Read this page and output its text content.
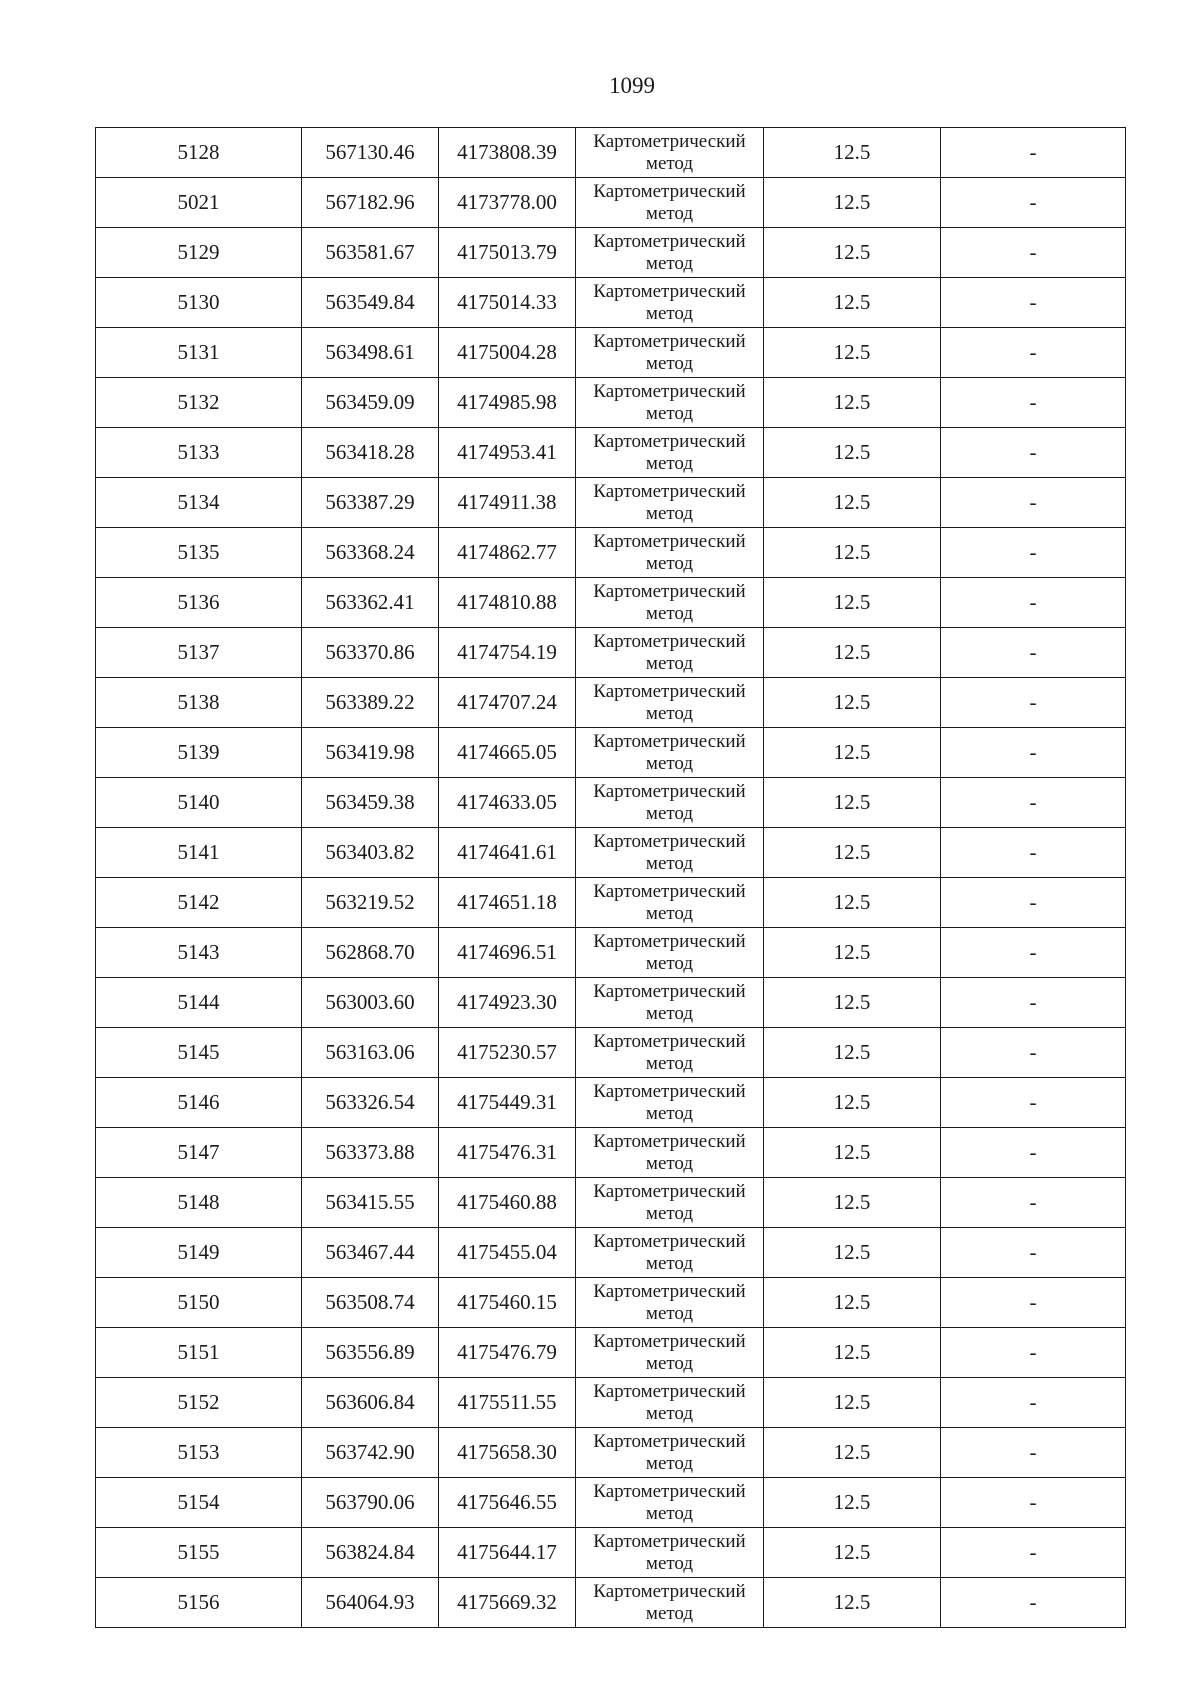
1099
5128	567130.46	4173808.39	Картометрический
метод	12.5	-
5021	567182.96	4173778.00	Картометрический
метод	12.5	-
5129	563581.67	4175013.79	Картометрический
метод	12.5	-
5130	563549.84	4175014.33	Картометрический
метод	12.5	-
5131	563498.61	4175004.28	Картометрический
метод	12.5	-
5132	563459.09	4174985.98	Картометрический
метод	12.5	-
5133	563418.28	4174953.41	Картометрический
метод	12.5	-
5134	563387.29	4174911.38	Картометрический
метод	12.5	-
5135	563368.24	4174862.77	Картометрический
метод	12.5	-
5136	563362.41	4174810.88	Картометрический
метод	12.5	-
5137	563370.86	4174754.19	Картометрический
метод	12.5	-
5138	563389.22	4174707.24	Картометрический
метод	12.5	-
5139	563419.98	4174665.05	Картометрический
метод	12.5	-
5140	563459.38	4174633.05	Картометрический
метод	12.5	-
5141	563403.82	4174641.61	Картометрический
метод	12.5	-
5142	563219.52	4174651.18	Картометрический
метод	12.5	-
5143	562868.70	4174696.51	Картометрический
метод	12.5	-
5144	563003.60	4174923.30	Картометрический
метод	12.5	-
5145	563163.06	4175230.57	Картометрический
метод	12.5	-
5146	563326.54	4175449.31	Картометрический
метод	12.5	-
5147	563373.88	4175476.31	Картометрический
метод	12.5	-
5148	563415.55	4175460.88	Картометрический
метод	12.5	-
5149	563467.44	4175455.04	Картометрический
метод	12.5	-
5150	563508.74	4175460.15	Картометрический
метод	12.5	-
5151	563556.89	4175476.79	Картометрический
метод	12.5	-
5152	563606.84	4175511.55	Картометрический
метод	12.5	-
5153	563742.90	4175658.30	Картометрический
метод	12.5	-
5154	563790.06	4175646.55	Картометрический
метод	12.5	-
5155	563824.84	4175644.17	Картометрический
метод	12.5	-
5156	564064.93	4175669.32	Картометрический
метод	12.5	-
